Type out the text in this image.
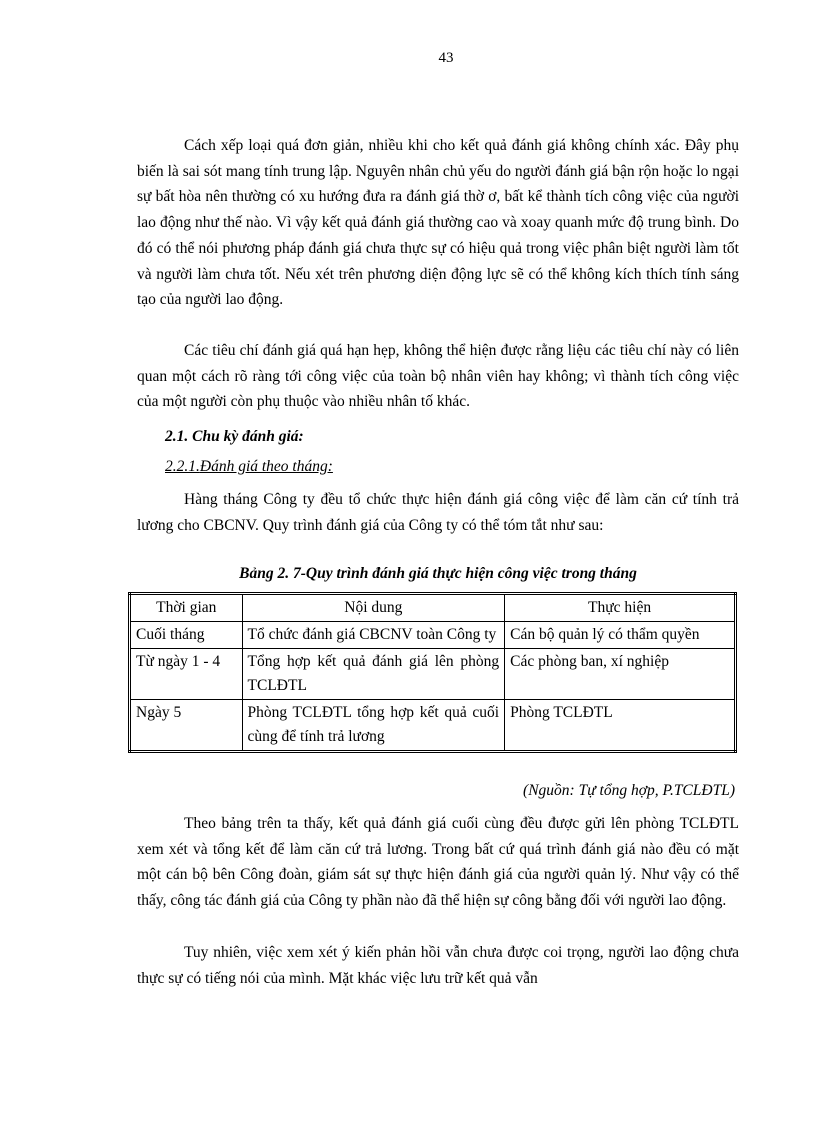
43

Cách xếp loại quá đơn giản, nhiều khi cho kết quả đánh giá không chính xác. Đây phụ biến là sai sót mang tính trung lập. Nguyên nhân chủ yếu do người đánh giá bận rộn hoặc lo ngại sự bất hòa nên thường có xu hướng đưa ra đánh giá thờ ơ, bất kể thành tích công việc của người lao động như thế nào. Vì vậy kết quả đánh giá thường cao và xoay quanh mức độ trung bình. Do đó có thể nói phương pháp đánh giá chưa thực sự có hiệu quả trong việc phân biệt người làm tốt và người làm chưa tốt. Nếu xét trên phương diện động lực sẽ có thể không kích thích tính sáng tạo của người lao động.

Các tiêu chí đánh giá quá hạn hẹp, không thể hiện được rằng liệu các tiêu chí này có liên quan một cách rõ ràng tới công việc của toàn bộ nhân viên hay không; vì thành tích công việc của một người còn phụ thuộc vào nhiều nhân tố khác.

2.1. Chu kỳ đánh giá:
2.2.1.Đánh giá theo tháng:

Hàng tháng Công ty đều tổ chức thực hiện đánh giá công việc để làm căn cứ tính trả lương cho CBCNV. Quy trình đánh giá của Công ty có thể tóm tắt như sau:

Bảng 2. 7-Quy trình đánh giá thực hiện công việc trong tháng
Thời gian	Nội dung	Thực hiện
Cuối tháng	Tổ chức đánh giá CBCNV toàn Công ty	Cán bộ quản lý có thẩm quyền
Từ ngày 1 - 4	Tổng hợp kết quả đánh giá lên phòng TCLĐTL	Các phòng ban, xí nghiệp
Ngày 5	Phòng TCLĐTL tổng hợp kết quả cuối cùng để tính trả lương	Phòng TCLĐTL
(Nguồn: Tự tổng hợp, P.TCLĐTL)

Theo bảng trên ta thấy, kết quả đánh giá cuối cùng đều được gửi lên phòng TCLĐTL xem xét và tổng kết để làm căn cứ trả lương. Trong bất cứ quá trình đánh giá nào đều có mặt một cán bộ bên Công đoàn, giám sát sự thực hiện đánh giá của người quản lý. Như vậy có thể thấy, công tác đánh giá của Công ty phần nào đã thể hiện sự công bằng đối với người lao động.

Tuy nhiên, việc xem xét ý kiến phản hồi vẫn chưa được coi trọng, người lao động chưa thực sự có tiếng nói của mình. Mặt khác việc lưu trữ kết quả vẫn
